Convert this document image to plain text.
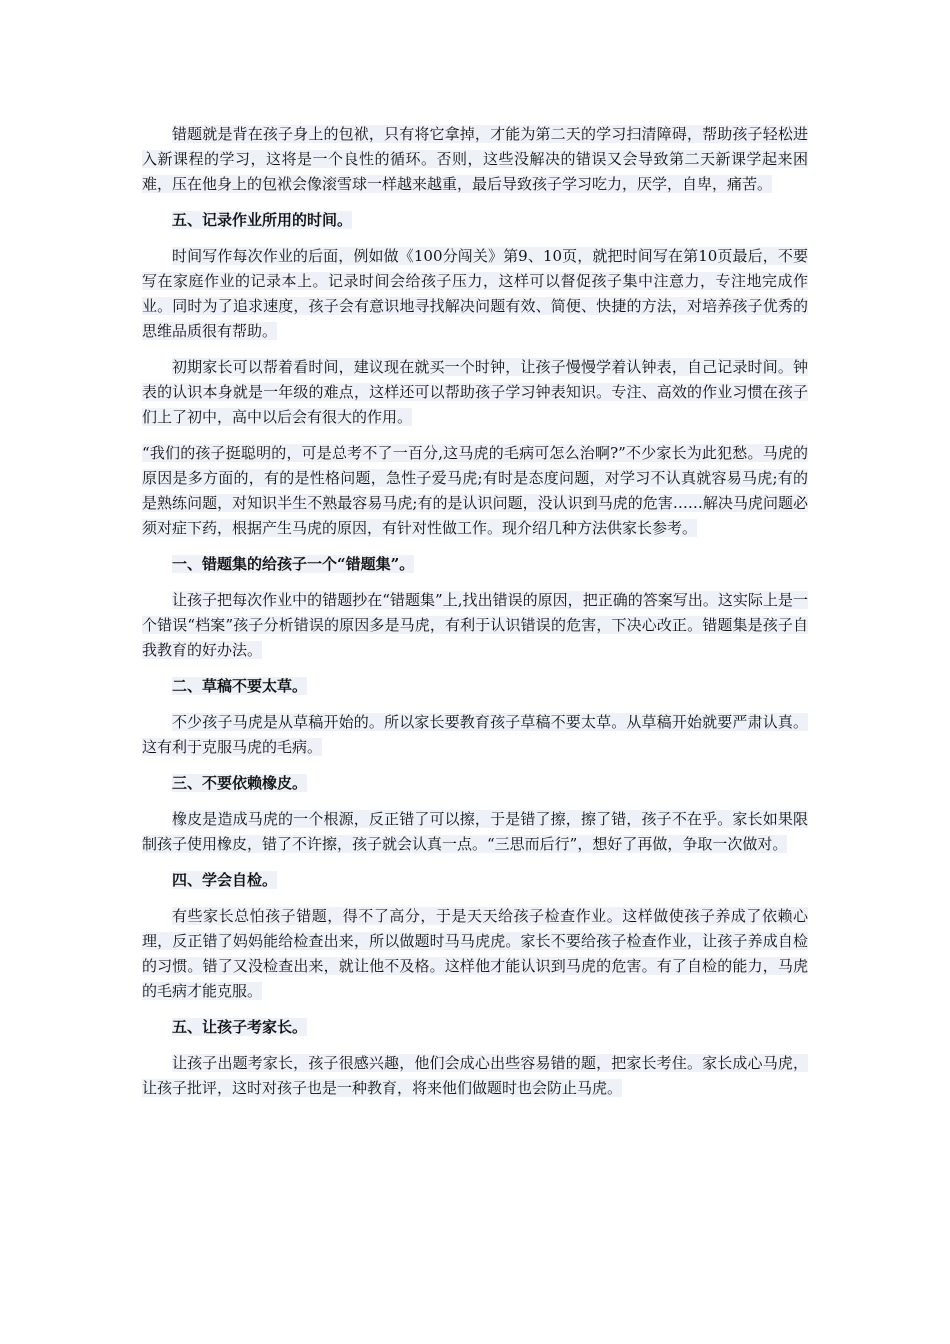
错题就是背在孩子身上的包袱，只有将它拿掉，才能为第二天的学习扫清障碍，帮助孩子轻松进入新课程的学习，这将是一个良性的循环。否则，这些没解决的错误又会导致第二天新课学起来困难，压在他身上的包袱会像滚雪球一样越来越重，最后导致孩子学习吃力，厌学，自卑，痛苦。

五、记录作业所用的时间。

时间写作每次作业的后面，例如做《100分闯关》第9、10页，就把时间写在第10页最后，不要写在家庭作业的记录本上。记录时间会给孩子压力，这样可以督促孩子集中注意力，专注地完成作业。同时为了追求速度，孩子会有意识地寻找解决问题有效、简便、快捷的方法，对培养孩子优秀的思维品质很有帮助。

初期家长可以帮着看时间，建议现在就买一个时钟，让孩子慢慢学着认钟表，自己记录时间。钟表的认识本身就是一年级的难点，这样还可以帮助孩子学习钟表知识。专注、高效的作业习惯在孩子们上了初中，高中以后会有很大的作用。

“我们的孩子挺聪明的，可是总考不了一百分,这马虎的毛病可怎么治啊?”不少家长为此犯愁。马虎的原因是多方面的，有的是性格问题，急性子爱马虎;有时是态度问题，对学习不认真就容易马虎;有的是熟练问题，对知识半生不熟最容易马虎;有的是认识问题，没认识到马虎的危害……解决马虎问题必须对症下药，根据产生马虎的原因，有针对性做工作。现介绍几种方法供家长参考。

一、错题集的给孩子一个“错题集”。

让孩子把每次作业中的错题抄在“错题集”上,找出错误的原因，把正确的答案写出。这实际上是一个错误“档案”孩子分析错误的原因多是马虎，有利于认识错误的危害，下决心改正。错题集是孩子自我教育的好办法。

二、草稿不要太草。

不少孩子马虎是从草稿开始的。所以家长要教育孩子草稿不要太草。从草稿开始就要严肃认真。这有利于克服马虎的毛病。

三、不要依赖橡皮。

橡皮是造成马虎的一个根源，反正错了可以擦，于是错了擦，擦了错，孩子不在乎。家长如果限制孩子使用橡皮，错了不许擦，孩子就会认真一点。“三思而后行”，想好了再做，争取一次做对。

四、学会自检。

有些家长总怕孩子错题，得不了高分，于是天天给孩子检查作业。这样做使孩子养成了依赖心理，反正错了妈妈能给检查出来，所以做题时马马虎虎。家长不要给孩子检查作业，让孩子养成自检的习惯。错了又没检查出来，就让他不及格。这样他才能认识到马虎的危害。有了自检的能力，马虎的毛病才能克服。

五、让孩子考家长。

让孩子出题考家长，孩子很感兴趣，他们会成心出些容易错的题，把家长考住。家长成心马虎，让孩子批评，这时对孩子也是一种教育，将来他们做题时也会防止马虎。
